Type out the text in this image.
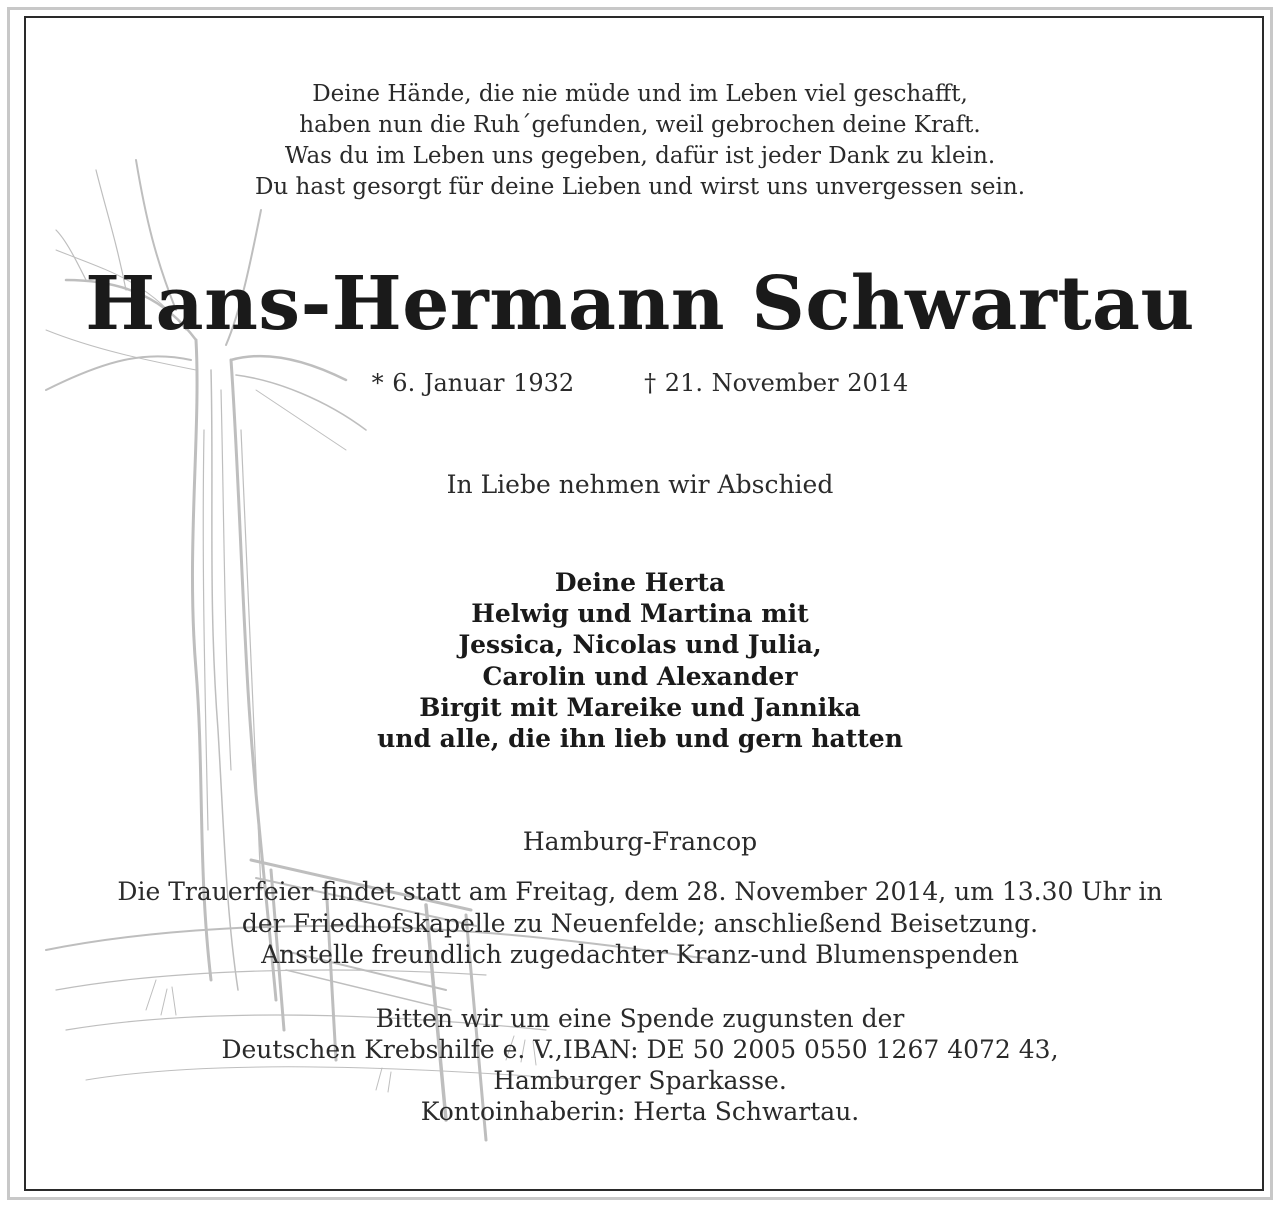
Deine Hände, die nie müde und im Leben viel geschafft,
haben nun die Ruh´gefunden, weil gebrochen deine Kraft.
Was du im Leben uns gegeben, dafür ist jeder Dank zu klein.
Du hast gesorgt für deine Lieben und wirst uns unvergessen sein.
Hans-Hermann Schwartau
* 6. Januar 1932	† 21. November 2014
In Liebe nehmen wir Abschied
Deine Herta
Helwig und Martina mit
Jessica, Nicolas und Julia,
Carolin und Alexander
Birgit mit Mareike und Jannika
und alle, die ihn lieb und gern hatten
Hamburg-Francop
Die Trauerfeier findet statt am Freitag, dem 28. November 2014, um 13.30 Uhr in
der Friedhofskapelle zu Neuenfelde; anschließend Beisetzung.
Anstelle freundlich zugedachter Kranz-und Blumenspenden
Bitten wir um eine Spende zugunsten der
Deutschen Krebshilfe e. V.,IBAN: DE 50 2005 0550 1267 4072 43,
Hamburger Sparkasse.
Kontoinhaberin: Herta Schwartau.
